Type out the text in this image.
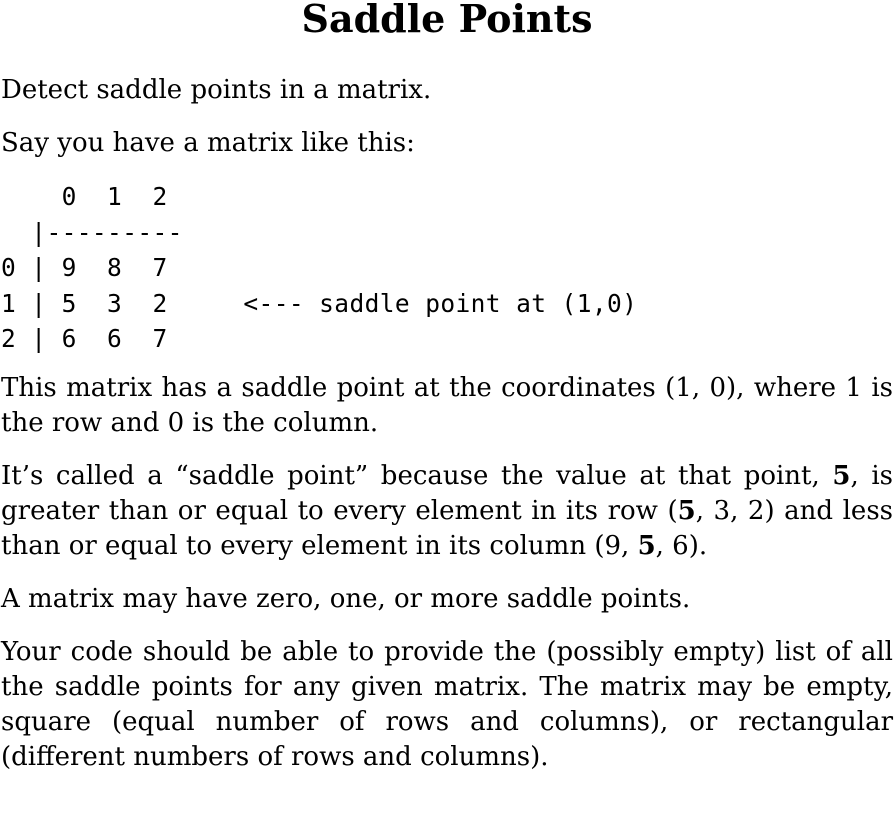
Saddle Points

Detect saddle points in a matrix.

Say you have a matrix like this:

0  1  2
|---------
0 | 9  8  7
1 | 5  3  2     <--- saddle point at (1,0)
2 | 6  6  7

This matrix has a saddle point at the coordinates (1, 0), where 1 is the row and 0 is the column.

It’s called a “saddle point” because the value at that point, 5, is greater than or equal to every element in its row (5, 3, 2) and less than or equal to every element in its column (9, 5, 6).

A matrix may have zero, one, or more saddle points.

Your code should be able to provide the (possibly empty) list of all the saddle points for any given matrix. The matrix may be empty, square (equal number of rows and columns), or rectangular (different numbers of rows and columns).
